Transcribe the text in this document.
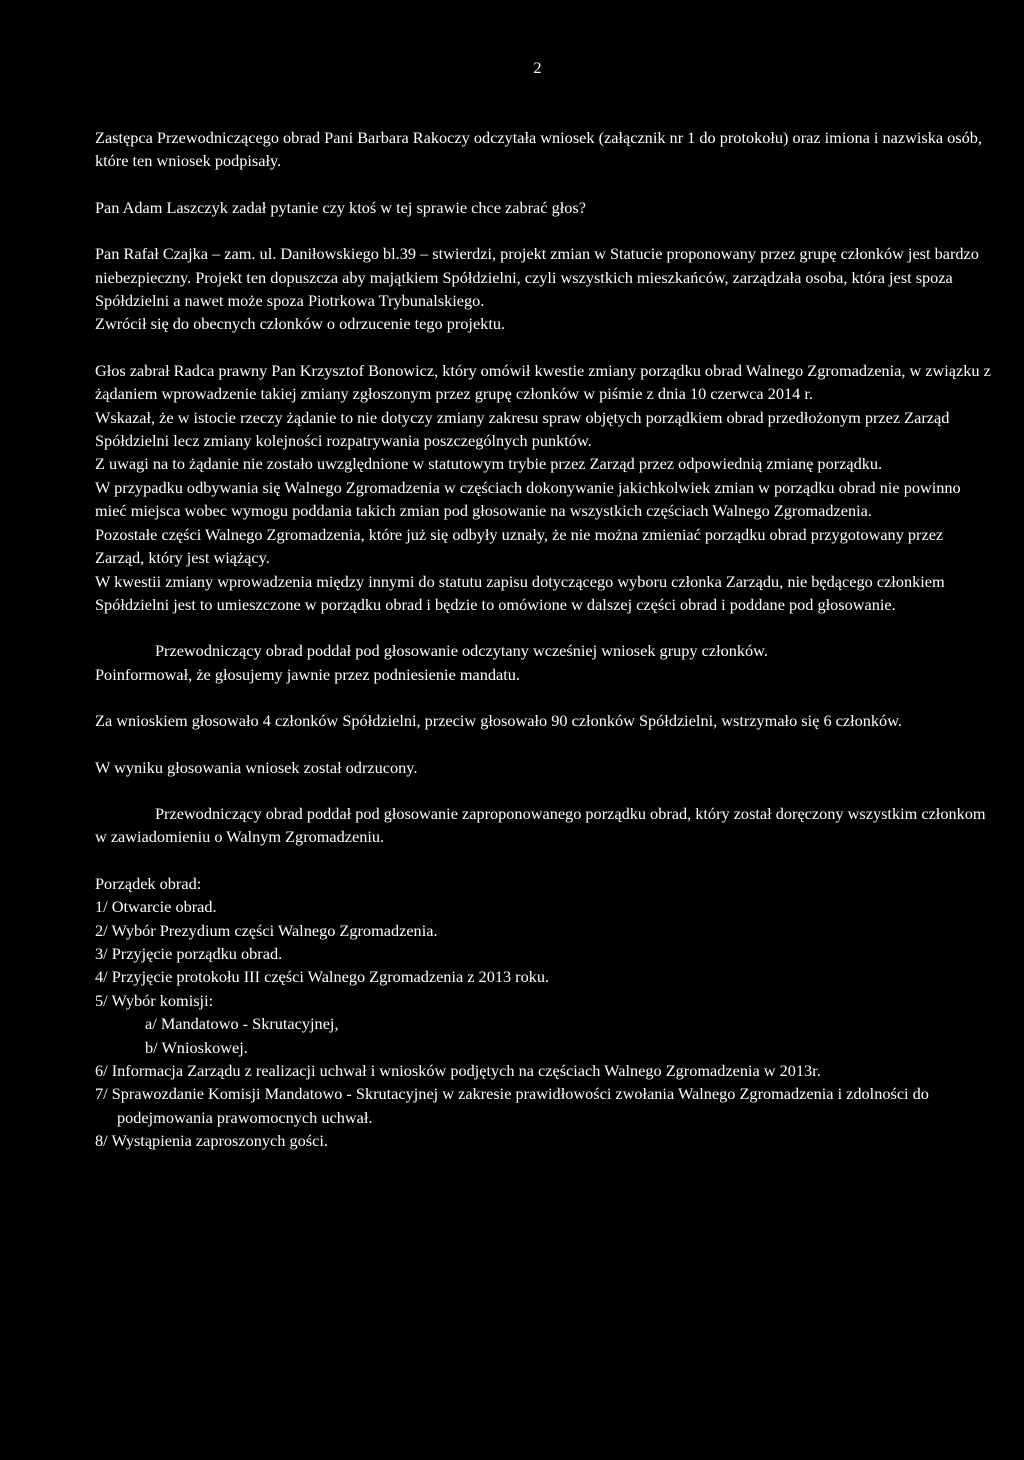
2

Zastępca Przewodniczącego obrad Pani Barbara Rakoczy odczytała wniosek (załącznik nr 1 do protokołu) oraz imiona i nazwiska osób, które ten wniosek podpisały.

Pan Adam Laszczyk zadał pytanie czy ktoś w tej sprawie chce zabrać głos?

Pan Rafał Czajka – zam. ul. Daniłowskiego bl.39 – stwierdzi, projekt zmian w Statucie proponowany przez grupę członków jest bardzo niebezpieczny. Projekt ten dopuszcza aby majątkiem Spółdzielni, czyli wszystkich mieszkańców, zarządzała osoba, która jest spoza Spółdzielni a nawet może spoza Piotrkowa Trybunalskiego.

Zwrócił się do obecnych członków o odrzucenie tego projektu.

Głos zabrał Radca prawny Pan Krzysztof Bonowicz, który omówił kwestie zmiany porządku obrad Walnego Zgromadzenia, w związku z żądaniem wprowadzenie takiej zmiany zgłoszonym przez grupę członków w piśmie z dnia 10 czerwca 2014 r.

Wskazał, że w istocie rzeczy żądanie to nie dotyczy zmiany zakresu spraw objętych porządkiem obrad przedłożonym przez Zarząd Spółdzielni lecz zmiany kolejności rozpatrywania poszczególnych punktów.

Z uwagi na to żądanie nie zostało uwzględnione w statutowym trybie przez Zarząd przez odpowiednią zmianę porządku.

W przypadku odbywania się Walnego Zgromadzenia w częściach dokonywanie jakichkolwiek zmian w porządku obrad nie powinno mieć miejsca wobec wymogu poddania takich zmian pod głosowanie na wszystkich częściach Walnego Zgromadzenia.

Pozostałe części Walnego Zgromadzenia, które już się odbyły uznały, że nie można zmieniać porządku obrad przygotowany przez Zarząd, który jest wiążący.

W kwestii zmiany wprowadzenia między innymi do statutu zapisu dotyczącego wyboru członka Zarządu, nie będącego członkiem Spółdzielni jest to umieszczone w porządku obrad i będzie to omówione w dalszej części obrad i poddane pod głosowanie.

Przewodniczący obrad poddał pod głosowanie odczytany wcześniej wniosek grupy członków.

Poinformował, że głosujemy jawnie przez podniesienie mandatu.

Za wnioskiem głosowało 4 członków Spółdzielni, przeciw głosowało 90 członków Spółdzielni, wstrzymało się 6 członków.

W wyniku głosowania wniosek został odrzucony.

Przewodniczący obrad poddał pod głosowanie zaproponowanego porządku obrad, który został doręczony wszystkim członkom w zawiadomieniu o Walnym Zgromadzeniu.

Porządek obrad:
1/ Otwarcie obrad.
2/ Wybór Prezydium części Walnego Zgromadzenia.
3/ Przyjęcie porządku obrad.
4/ Przyjęcie protokołu III części Walnego Zgromadzenia z 2013 roku.
5/ Wybór komisji:
a/ Mandatowo - Skrutacyjnej,
b/ Wnioskowej.
6/ Informacja Zarządu z realizacji uchwał i wniosków podjętych na częściach Walnego Zgromadzenia w 2013r.
7/ Sprawozdanie Komisji Mandatowo - Skrutacyjnej w zakresie prawidłowości zwołania Walnego Zgromadzenia i zdolności do podejmowania prawomocnych uchwał.
8/ Wystąpienia zaproszonych gości.
